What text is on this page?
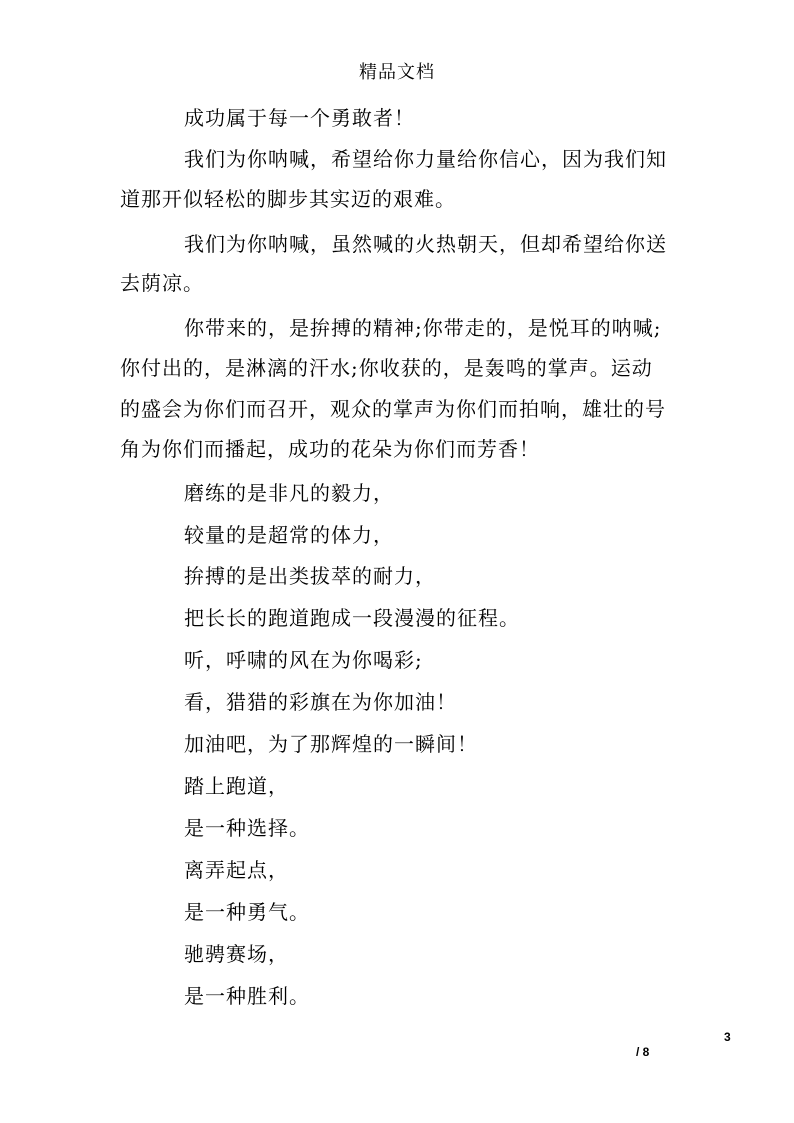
精品文档
成功属于每一个勇敢者！
我们为你呐喊，希望给你力量给你信心，因为我们知
道那开似轻松的脚步其实迈的艰难。
我们为你呐喊，虽然喊的火热朝天，但却希望给你送
去荫凉。
你带来的，是拚搏的精神;你带走的，是悦耳的呐喊;
你付出的，是淋漓的汗水;你收获的，是轰鸣的掌声。运动
的盛会为你们而召开，观众的掌声为你们而拍响，雄壮的号
角为你们而播起，成功的花朵为你们而芳香！
磨练的是非凡的毅力，
较量的是超常的体力，
拚搏的是出类拔萃的耐力，
把长长的跑道跑成一段漫漫的征程。
听，呼啸的风在为你喝彩;
看，猎猎的彩旗在为你加油！
加油吧，为了那辉煌的一瞬间！
踏上跑道，
是一种选择。
离弄起点，
是一种勇气。
驰骋赛场，
是一种胜利。
3
/ 8
